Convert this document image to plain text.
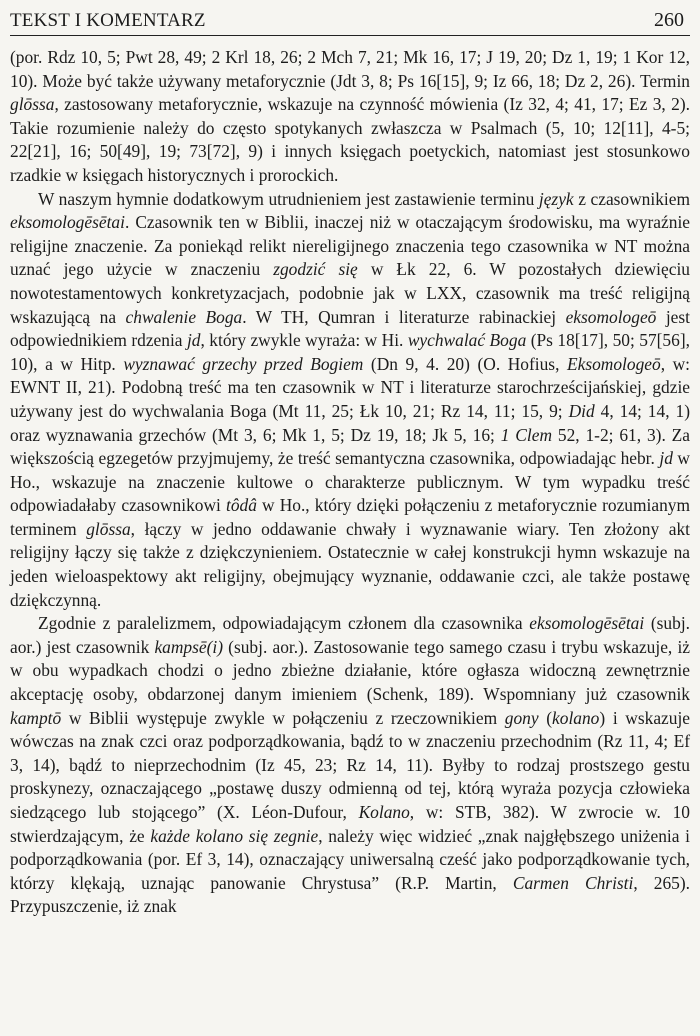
TEKST I KOMENTARZ	260

(por. Rdz 10, 5; Pwt 28, 49; 2 Krl 18, 26; 2 Mch 7, 21; Mk 16, 17; J 19, 20; Dz 1, 19; 1 Kor 12, 10). Może być także używany metaforycznie (Jdt 3, 8; Ps 16[15], 9; Iz 66, 18; Dz 2, 26). Termin glōssa, zastosowany metaforycznie, wskazuje na czynność mówienia (Iz 32, 4; 41, 17; Ez 3, 2). Takie rozumienie należy do często spotykanych zwłaszcza w Psalmach (5, 10; 12[11], 4-5; 22[21], 16; 50[49], 19; 73[72], 9) i innych księgach poetyckich, natomiast jest stosunkowo rzadkie w księgach historycznych i prorockich.

W naszym hymnie dodatkowym utrudnieniem jest zastawienie terminu język z czasownikiem eksomologēsētai. Czasownik ten w Biblii, inaczej niż w otaczającym środowisku, ma wyraźnie religijne znaczenie. Za poniekąd relikt niereligijnego znaczenia tego czasownika w NT można uznać jego użycie w znaczeniu zgodzić się w Łk 22, 6. W pozostałych dziewięciu nowotestamentowych konkretyzacjach, podobnie jak w LXX, czasownik ma treść religijną wskazującą na chwalenie Boga. W TH, Qumran i literaturze rabinackiej eksomologeō jest odpowiednikiem rdzenia jd, który zwykle wyraża: w Hi. wychwalać Boga (Ps 18[17], 50; 57[56], 10), a w Hitp. wyznawać grzechy przed Bogiem (Dn 9, 4. 20) (O. Hofius, Eksomologeō, w: EWNT II, 21). Podobną treść ma ten czasownik w NT i literaturze starochrześcijańskiej, gdzie używany jest do wychwalania Boga (Mt 11, 25; Łk 10, 21; Rz 14, 11; 15, 9; Did 4, 14; 14, 1) oraz wyznawania grzechów (Mt 3, 6; Mk 1, 5; Dz 19, 18; Jk 5, 16; 1 Clem 52, 1-2; 61, 3). Za większością egzegetów przyjmujemy, że treść semantyczna czasownika, odpowiadając hebr. jd w Ho., wskazuje na znaczenie kultowe o charakterze publicznym. W tym wypadku treść odpowiadałaby czasownikowi tôdâ w Ho., który dzięki połączeniu z metaforycznie rozumianym terminem glōssa, łączy w jedno oddawanie chwały i wyznawanie wiary. Ten złożony akt religijny łączy się także z dziękczynieniem. Ostatecznie w całej konstrukcji hymn wskazuje na jeden wieloaspektowy akt religijny, obejmujący wyznanie, oddawanie czci, ale także postawę dziękczynną.

Zgodnie z paralelizmem, odpowiadającym członem dla czasownika eksomologēsētai (subj. aor.) jest czasownik kampsē(i) (subj. aor.). Zastosowanie tego samego czasu i trybu wskazuje, iż w obu wypadkach chodzi o jedno zbieżne działanie, które ogłasza widoczną zewnętrznie akceptację osoby, obdarzonej danym imieniem (Schenk, 189). Wspomniany już czasownik kamptō w Biblii występuje zwykle w połączeniu z rzeczownikiem gony (kolano) i wskazuje wówczas na znak czci oraz podporządkowania, bądź to w znaczeniu przechodnim (Rz 11, 4; Ef 3, 14), bądź to nieprzechodnim (Iz 45, 23; Rz 14, 11). Byłby to rodzaj prostszego gestu proskynezy, oznaczającego „postawę duszy odmienną od tej, którą wyraża pozycja człowieka siedzącego lub stojącego” (X. Léon-Dufour, Kolano, w: STB, 382). W zwrocie w. 10 stwierdzającym, że każde kolano się zegnie, należy więc widzieć „znak najgłębszego uniżenia i podporządkowania (por. Ef 3, 14), oznaczający uniwersalną cześć jako podporządkowanie tych, którzy klękają, uznając panowanie Chrystusa” (R.P. Martin, Carmen Christi, 265). Przypuszczenie, iż znak
